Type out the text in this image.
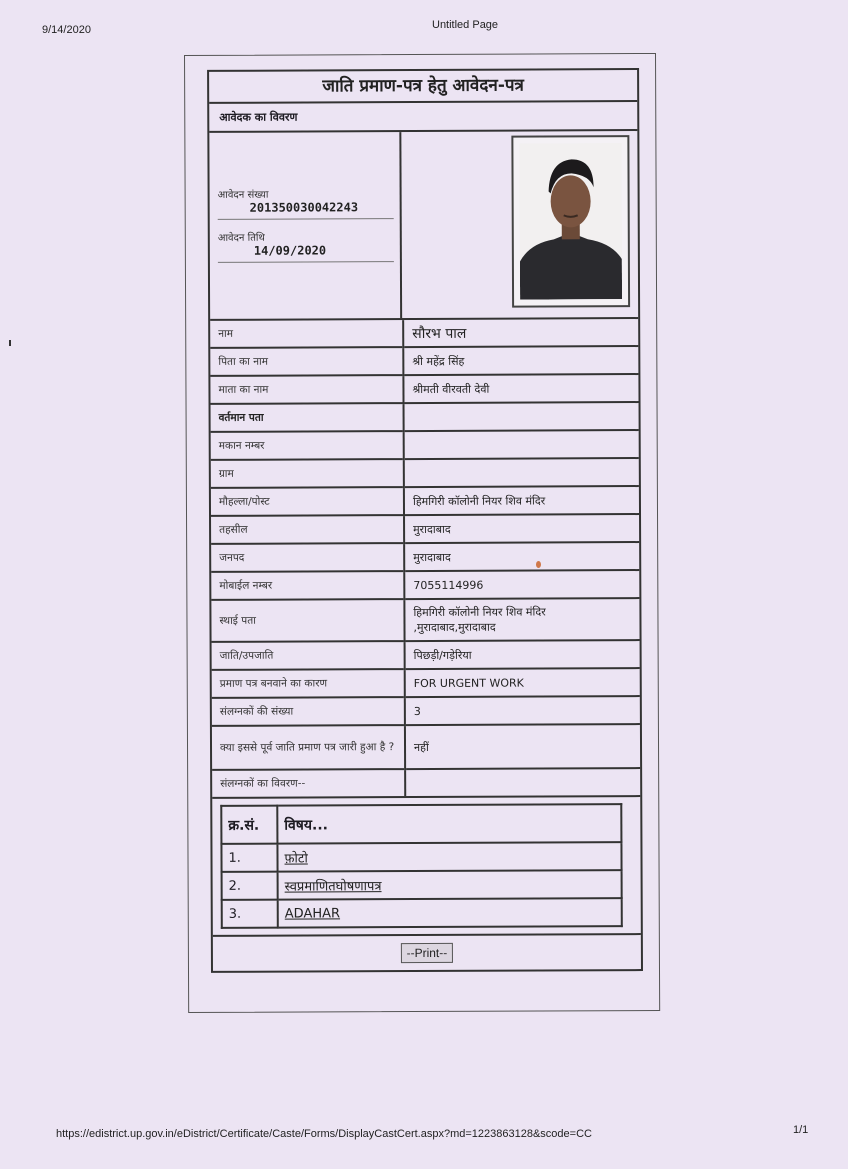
9/14/2020	Untitled Page
जाति प्रमाण-पत्र हेतु आवेदन-पत्र
आवेदक का विवरण
आवेदन संख्या
201350030042243
आवेदन तिथि
14/09/2020
नाम	सौरभ पाल
पिता का नाम	श्री महेंद्र सिंह
माता का नाम	श्रीमती वीरवती देवी
वर्तमान पता	
मकान नम्बर	
ग्राम	
मौहल्ला/पोस्ट	हिमगिरी कॉलोनी नियर शिव मंदिर
तहसील	मुरादाबाद
जनपद	मुरादाबाद
मोबाईल नम्बर	7055114996
स्थाई पता	हिमगिरी कॉलोनी नियर शिव मंदिर
,मुरादाबाद,मुरादाबाद

जाति/उपजाति	पिछड़ी/गड़ेरिया
प्रमाण पत्र बनवाने का कारण	FOR URGENT WORK
संलग्नकों की संख्या	3
क्या इससे पूर्व जाति प्रमाण पत्र जारी हुआ है ?	नहीं
संलग्नकों का विवरण--	
क्र.सं.	विषय...
1.	फ़ोटो
2.	स्वप्रमाणितघोषणापत्र
3.	ADAHAR
--Print--
https://edistrict.up.gov.in/eDistrict/Certificate/Caste/Forms/DisplayCastCert.aspx?md=1223863128&scode=CC	1/1
